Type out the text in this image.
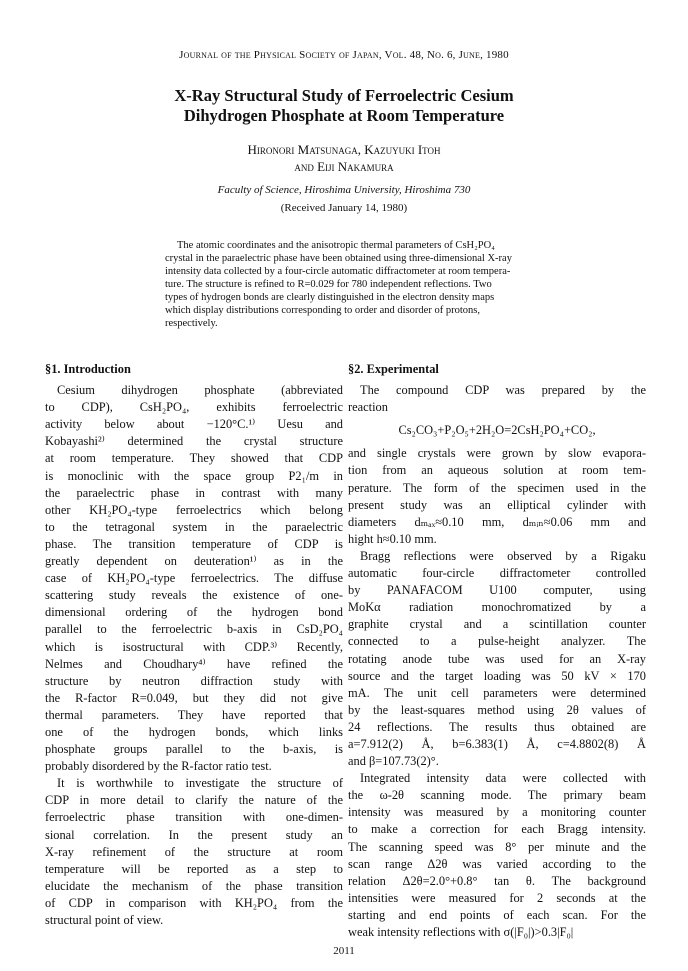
Journal of the Physical Society of Japan, Vol. 48, No. 6, June, 1980
X-Ray Structural Study of Ferroelectric Cesium
Dihydrogen Phosphate at Room Temperature
Hironori Matsunaga, Kazuyuki Itoh
and Eiji Nakamura
Faculty of Science, Hiroshima University, Hiroshima 730
(Received January 14, 1980)
The atomic coordinates and the anisotropic thermal parameters of CsH₂PO₄
crystal in the paraelectric phase have been obtained using three-dimensional X-ray
intensity data collected by a four-circle automatic diffractometer at room tempera-
ture. The structure is refined to R=0.029 for 780 independent reflections. Two
types of hydrogen bonds are clearly distinguished in the electron density maps
which display distributions corresponding to order and disorder of protons,
respectively.
§1. Introduction
Cesium dihydrogen phosphate (abbreviated
to CDP), CsH₂PO₄, exhibits ferroelectric
activity below about −120°C.¹⁾ Uesu and
Kobayashi²⁾ determined the crystal structure
at room temperature. They showed that CDP
is monoclinic with the space group P2₁/m in
the paraelectric phase in contrast with many
other KH₂PO₄-type ferroelectrics which belong
to the tetragonal system in the paraelectric
phase. The transition temperature of CDP is
greatly dependent on deuteration¹⁾ as in the
case of KH₂PO₄-type ferroelectrics. The diffuse
scattering study reveals the existence of one-
dimensional ordering of the hydrogen bond
parallel to the ferroelectric b-axis in CsD₂PO₄
which is isostructural with CDP.³⁾ Recently,
Nelmes and Choudhary⁴⁾ have refined the
structure by neutron diffraction study with
the R-factor R=0.049, but they did not give
thermal parameters. They have reported that
one of the hydrogen bonds, which links
phosphate groups parallel to the b-axis, is
probably disordered by the R-factor ratio test.
It is worthwhile to investigate the structure of
CDP in more detail to clarify the nature of the
ferroelectric phase transition with one-dimen-
sional correlation. In the present study an
X-ray refinement of the structure at room
temperature will be reported as a step to
elucidate the mechanism of the phase transition
of CDP in comparison with KH₂PO₄ from the
structural point of view.
§2. Experimental
The compound CDP was prepared by the
reaction
Cs₂CO₃+P₂O₅+2H₂O=2CsH₂PO₄+CO₂,
and single crystals were grown by slow evapora-
tion from an aqueous solution at room tem-
perature. The form of the specimen used in the
present study was an elliptical cylinder with
diameters dₘₐₓ≈0.10 mm, dₘᵢₙ≈0.06 mm and
hight h≈0.10 mm.
Bragg reflections were observed by a Rigaku
automatic four-circle diffractometer controlled
by PANAFACOM U100 computer, using
MoKα radiation monochromatized by a
graphite crystal and a scintillation counter
connected to a pulse-height analyzer. The
rotating anode tube was used for an X-ray
source and the target loading was 50 kV × 170
mA. The unit cell parameters were determined
by the least-squares method using 2θ values of
24 reflections. The results thus obtained are
a=7.912(2) Å, b=6.383(1) Å, c=4.8802(8) Å
and β=107.73(2)°.
Integrated intensity data were collected with
the ω-2θ scanning mode. The primary beam
intensity was measured by a monitoring counter
to make a correction for each Bragg intensity.
The scanning speed was 8° per minute and the
scan range Δ2θ was varied according to the
relation Δ2θ=2.0°+0.8° tan θ. The background
intensities were measured for 2 seconds at the
starting and end points of each scan. For the
weak intensity reflections with σ(|F₀|)>0.3|F₀|
2011
